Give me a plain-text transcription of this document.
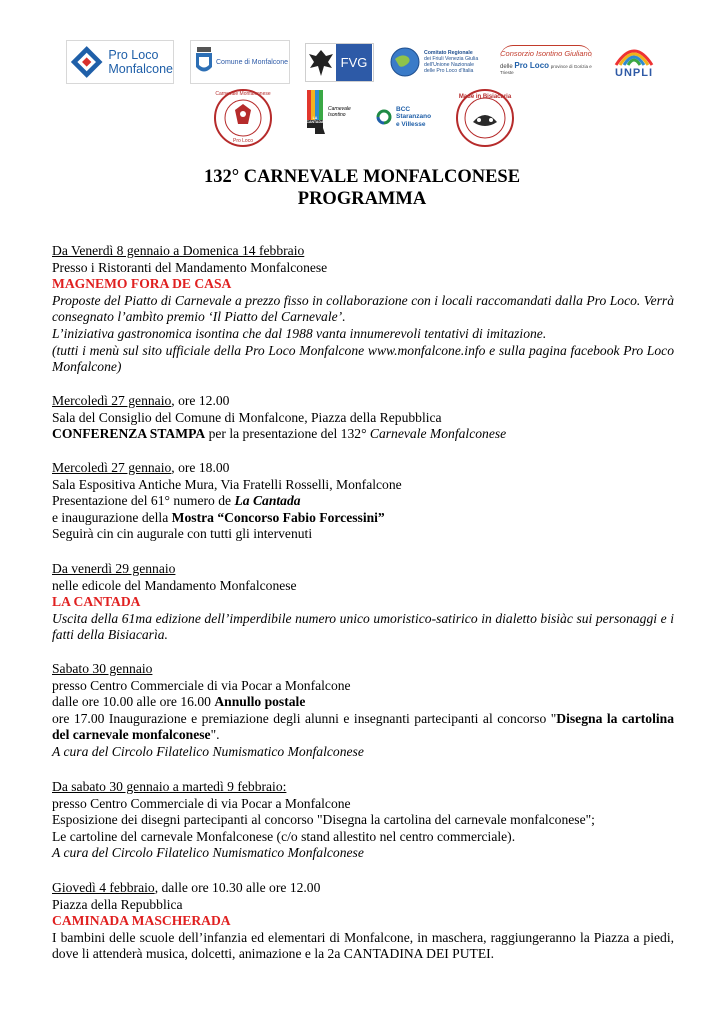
Pro Loco
Monfalcone	Comune di Monfalcone	FVG
Comitato Regionale
dei Friuli Venezia Giulia
dell'Unione Nazionale
delle Pro Loco d'Italia
Consorzio Isontino Giuliano
delle Pro Loco province di Gorizia e Trieste	UNPLI
Carnevale Monfalconese
Pro Loco
Carnevale
Isontino
LA CANTADA
BCC
Staranzano
e Villesse
Made in Bisiacaria
132° CARNEVALE MONFALCONESE
PROGRAMMA
Da Venerdì 8 gennaio a Domenica 14 febbraio
Presso i Ristoranti del Mandamento Monfalconese
MAGNEMO FORA DE CASA
Proposte del Piatto di Carnevale a prezzo fisso in collaborazione con i locali raccomandati dalla Pro Loco. Verrà consegnato l’ambìto premio ‘Il Piatto del Carnevale’.
L’iniziativa gastronomica isontina che dal 1988 vanta innumerevoli tentativi di imitazione.
(tutti i menù sul sito ufficiale della Pro Loco Monfalcone www.monfalcone.info e sulla pagina facebook Pro Loco Monfalcone)
Mercoledì 27 gennaio, ore 12.00
Sala del Consiglio del Comune di Monfalcone, Piazza della Repubblica
CONFERENZA STAMPA per la presentazione del 132° Carnevale Monfalconese
Mercoledì 27 gennaio, ore 18.00
Sala Espositiva Antiche Mura, Via Fratelli Rosselli, Monfalcone
Presentazione del 61° numero de La Cantada
e inaugurazione della Mostra “Concorso Fabio Forcessini”
Seguirà cin cin augurale con tutti gli intervenuti
Da venerdì 29 gennaio
nelle edicole del Mandamento Monfalconese
LA CANTADA
Uscita della 61ma edizione dell’imperdibile numero unico umoristico-satirico in dialetto bisiàc sui personaggi e i fatti della Bisiacarìa.
Sabato 30 gennaio
presso Centro Commerciale di via Pocar a Monfalcone
dalle ore 10.00 alle ore 16.00 Annullo postale
ore 17.00 Inaugurazione e premiazione degli alunni e insegnanti partecipanti al concorso "Disegna la cartolina del carnevale monfalconese".
A cura del Circolo Filatelico Numismatico Monfalconese
Da sabato 30 gennaio a martedì 9 febbraio:
presso Centro Commerciale di via Pocar a Monfalcone
Esposizione dei disegni partecipanti al concorso "Disegna la cartolina del carnevale monfalconese";
Le cartoline del carnevale Monfalconese (c/o stand allestito nel centro commerciale).
A cura del Circolo Filatelico Numismatico Monfalconese
Giovedì 4 febbraio, dalle ore 10.30 alle ore 12.00
Piazza della Repubblica
CAMINADA MASCHERADA
I bambini delle scuole dell’infanzia ed elementari di Monfalcone, in maschera, raggiungeranno la Piazza a piedi, dove li attenderà musica, dolcetti, animazione e la 2a CANTADINA DEI PUTEI.
